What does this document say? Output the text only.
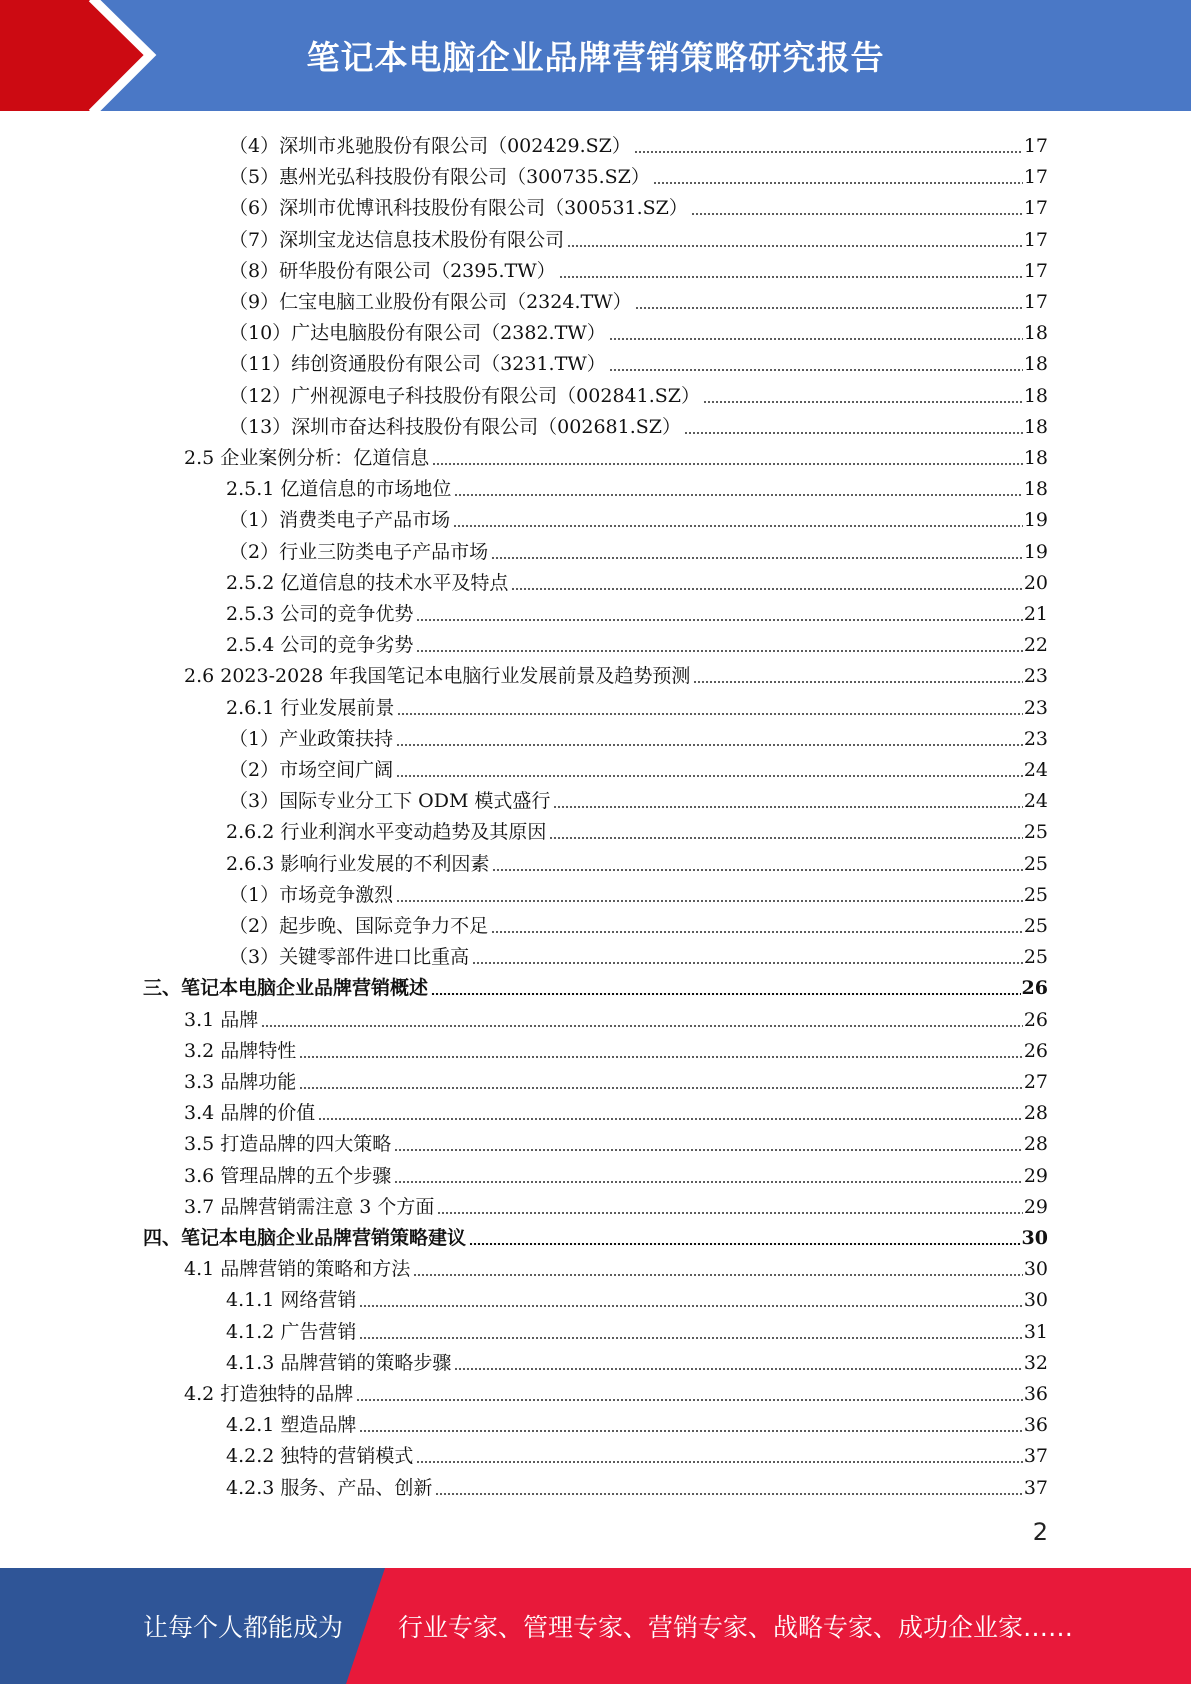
笔记本电脑企业品牌营销策略研究报告
（4）深圳市兆驰股份有限公司（002429.SZ）	17
（5）惠州光弘科技股份有限公司（300735.SZ）	17
（6）深圳市优博讯科技股份有限公司（300531.SZ）	17
（7）深圳宝龙达信息技术股份有限公司	17
（8）研华股份有限公司（2395.TW）	17
（9）仁宝电脑工业股份有限公司（2324.TW）	17
（10）广达电脑股份有限公司（2382.TW）	18
（11）纬创资通股份有限公司（3231.TW）	18
（12）广州视源电子科技股份有限公司（002841.SZ）	18
（13）深圳市奋达科技股份有限公司（002681.SZ）	18
2.5 企业案例分析：亿道信息	18
2.5.1 亿道信息的市场地位	18
（1）消费类电子产品市场	19
（2）行业三防类电子产品市场	19
2.5.2 亿道信息的技术水平及特点	20
2.5.3 公司的竞争优势	21
2.5.4 公司的竞争劣势	22
2.6 2023-2028 年我国笔记本电脑行业发展前景及趋势预测	23
2.6.1 行业发展前景	23
（1）产业政策扶持	23
（2）市场空间广阔	24
（3）国际专业分工下 ODM 模式盛行	24
2.6.2 行业利润水平变动趋势及其原因	25
2.6.3 影响行业发展的不利因素	25
（1）市场竞争激烈	25
（2）起步晚、国际竞争力不足	25
（3）关键零部件进口比重高	25
三、笔记本电脑企业品牌营销概述	26
3.1 品牌	26
3.2 品牌特性	26
3.3 品牌功能	27
3.4 品牌的价值	28
3.5 打造品牌的四大策略	28
3.6 管理品牌的五个步骤	29
3.7 品牌营销需注意 3 个方面	29
四、笔记本电脑企业品牌营销策略建议	30
4.1 品牌营销的策略和方法	30
4.1.1 网络营销	30
4.1.2 广告营销	31
4.1.3 品牌营销的策略步骤	32
4.2 打造独特的品牌	36
4.2.1 塑造品牌	36
4.2.2 独特的营销模式	37
4.2.3 服务、产品、创新	37
2
让每个人都能成为 行业专家、管理专家、营销专家、战略专家、成功企业家……
